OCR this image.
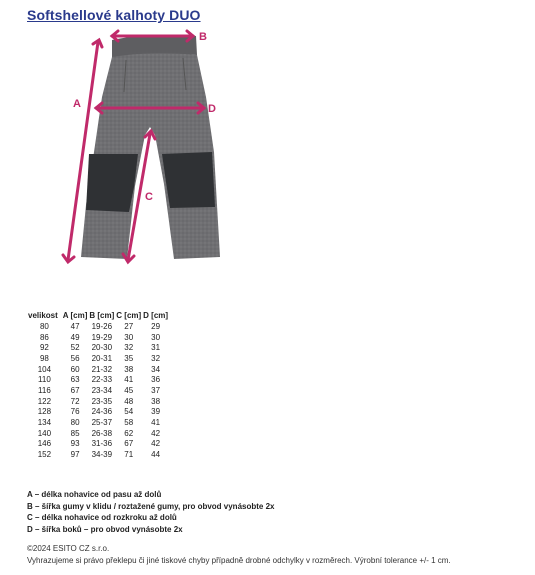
Softshellové kalhoty DUO
A
B
D
C
velikost	A [cm]	B [cm]	C [cm]	D [cm]
80	47	19-26	27	29
86	49	19-29	30	30
92	52	20-30	32	31
98	56	20-31	35	32
104	60	21-32	38	34
110	63	22-33	41	36
116	67	23-34	45	37
122	72	23-35	48	38
128	76	24-36	54	39
134	80	25-37	58	41
140	85	26-38	62	42
146	93	31-36	67	42
152	97	34-39	71	44
A – délka nohavice od pasu až dolů
B – šířka gumy v klidu / roztažené gumy, pro obvod vynásobte 2x
C – délka nohavice od rozkroku až dolů
D – šířka boků – pro obvod vynásobte 2x
©2024 ESITO CZ s.r.o.
Vyhrazujeme si právo překlepu či jiné tiskové chyby případně drobné odchylky v rozměrech. Výrobní tolerance +/- 1 cm.
